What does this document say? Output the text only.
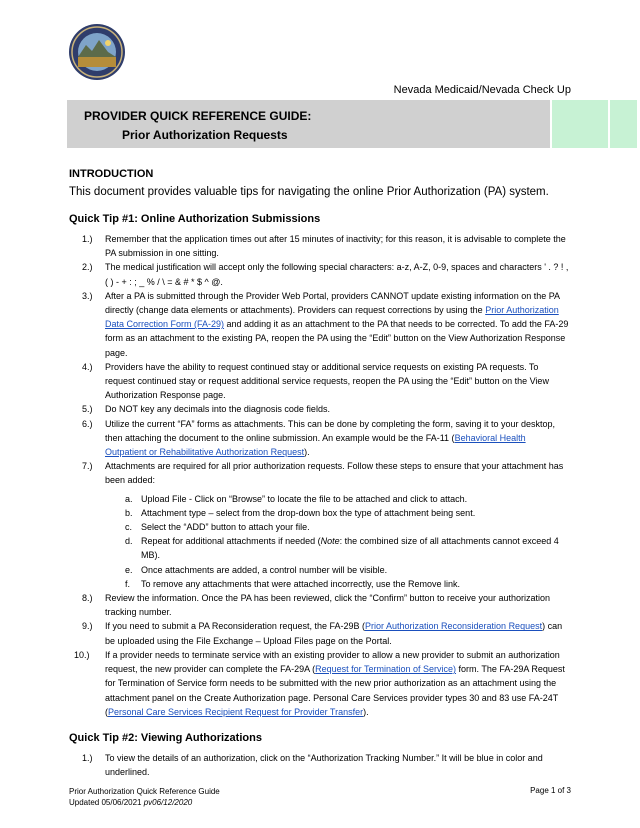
Nevada Medicaid/Nevada Check Up
PROVIDER QUICK REFERENCE GUIDE:
Prior Authorization Requests
INTRODUCTION
This document provides valuable tips for navigating the online Prior Authorization (PA) system.
Quick Tip #1: Online Authorization Submissions
1.) Remember that the application times out after 15 minutes of inactivity; for this reason, it is advisable to complete the PA submission in one sitting.
2.) The medical justification will accept only the following special characters: a-z, A-Z, 0-9, spaces and characters ' . ? ! , ( ) - + : ; _ % / \ = & # * $ ^ @.
3.) After a PA is submitted through the Provider Web Portal, providers CANNOT update existing information on the PA directly (change data elements or attachments). Providers can request corrections by using the Prior Authorization Data Correction Form (FA-29) and adding it as an attachment to the PA that needs to be corrected. To add the FA-29 form as an attachment to the existing PA, reopen the PA using the “Edit” button on the View Authorization Response page.
4.) Providers have the ability to request continued stay or additional service requests on existing PA requests. To request continued stay or request additional service requests, reopen the PA using the “Edit” button on the View Authorization Response page.
5.) Do NOT key any decimals into the diagnosis code fields.
6.) Utilize the current “FA” forms as attachments. This can be done by completing the form, saving it to your desktop, then attaching the document to the online submission. An example would be the FA-11 (Behavioral Health Outpatient or Rehabilitative Authorization Request).
7.) Attachments are required for all prior authorization requests. Follow these steps to ensure that your attachment has been added:
a. Upload File - Click on “Browse” to locate the file to be attached and click to attach.
b. Attachment type – select from the drop-down box the type of attachment being sent.
c. Select the “ADD” button to attach your file.
d. Repeat for additional attachments if needed (Note: the combined size of all attachments cannot exceed 4 MB).
e. Once attachments are added, a control number will be visible.
f. To remove any attachments that were attached incorrectly, use the Remove link.
8.) Review the information. Once the PA has been reviewed, click the “Confirm” button to receive your authorization tracking number.
9.) If you need to submit a PA Reconsideration request, the FA-29B (Prior Authorization Reconsideration Request) can be uploaded using the File Exchange – Upload Files page on the Portal.
10.) If a provider needs to terminate service with an existing provider to allow a new provider to submit an authorization request, the new provider can complete the FA-29A (Request for Termination of Service) form. The FA-29A Request for Termination of Service form needs to be submitted with the new prior authorization as an attachment using the attachment panel on the Create Authorization page. Personal Care Services provider types 30 and 83 use FA-24T (Personal Care Services Recipient Request for Provider Transfer).
Quick Tip #2: Viewing Authorizations
1.) To view the details of an authorization, click on the “Authorization Tracking Number.” It will be blue in color and underlined.
Prior Authorization Quick Reference Guide
Updated 05/06/2021 pv06/12/2020
Page 1 of 3
